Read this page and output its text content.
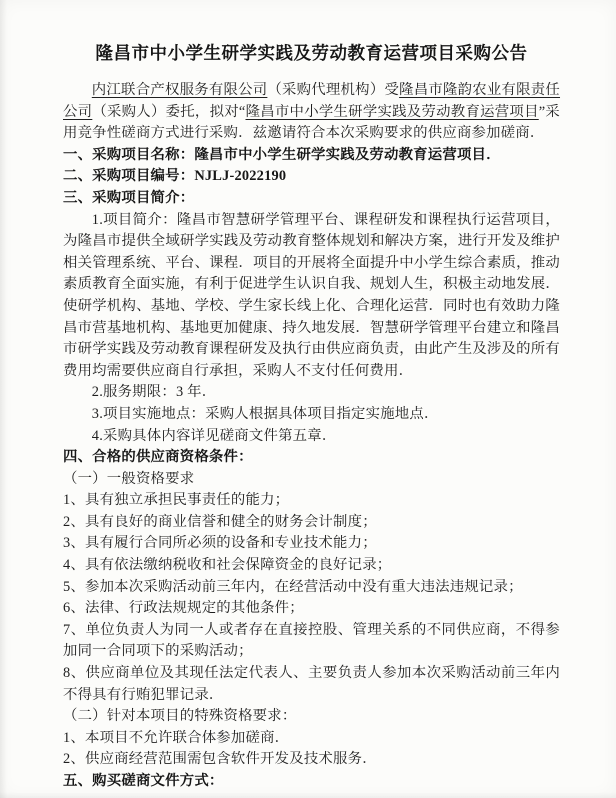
隆昌市中小学生研学实践及劳动教育运营项目采购公告

内江联合产权服务有限公司（采购代理机构）受隆昌市隆韵农业有限责任公司（采购人）委托，拟对“隆昌市中小学生研学实践及劳动教育运营项目”采用竞争性磋商方式进行采购．兹邀请符合本次采购要求的供应商参加磋商．

一、采购项目名称：隆昌市中小学生研学实践及劳动教育运营项目．

二、采购项目编号：NJLJ-2022190

三、采购项目简介：

1.项目简介：隆昌市智慧研学管理平台、课程研发和课程执行运营项目，为隆昌市提供全域研学实践及劳动教育整体规划和解决方案，进行开发及维护相关管理系统、平台、课程．项目的开展将全面提升中小学生综合素质，推动素质教育全面实施，有利于促进学生认识自我、规划人生，积极主动地发展．使研学机构、基地、学校、学生家长线上化、合理化运营．同时也有效助力隆昌市营基地机构、基地更加健康、持久地发展．智慧研学管理平台建立和隆昌市研学实践及劳动教育课程研发及执行由供应商负责，由此产生及涉及的所有费用均需要供应商自行承担，采购人不支付任何费用．

2.服务期限：3 年．

3.项目实施地点：采购人根据具体项目指定实施地点．

4.采购具体内容详见磋商文件第五章．

四、合格的供应商资格条件：

（一）一般资格要求

1、具有独立承担民事责任的能力；

2、具有良好的商业信誉和健全的财务会计制度；

3、具有履行合同所必须的设备和专业技术能力；

4、具有依法缴纳税收和社会保障资金的良好记录；

5、参加本次采购活动前三年内，在经营活动中没有重大违法违规记录；

6、法律、行政法规规定的其他条件；

7、单位负责人为同一人或者存在直接控股、管理关系的不同供应商，不得参加同一合同项下的采购活动；

8、供应商单位及其现任法定代表人、主要负责人参加本次采购活动前三年内不得具有行贿犯罪记录．

（二）针对本项目的特殊资格要求：

1、本项目不允许联合体参加磋商．

2、供应商经营范围需包含软件开发及技术服务．

五、购买磋商文件方式：
